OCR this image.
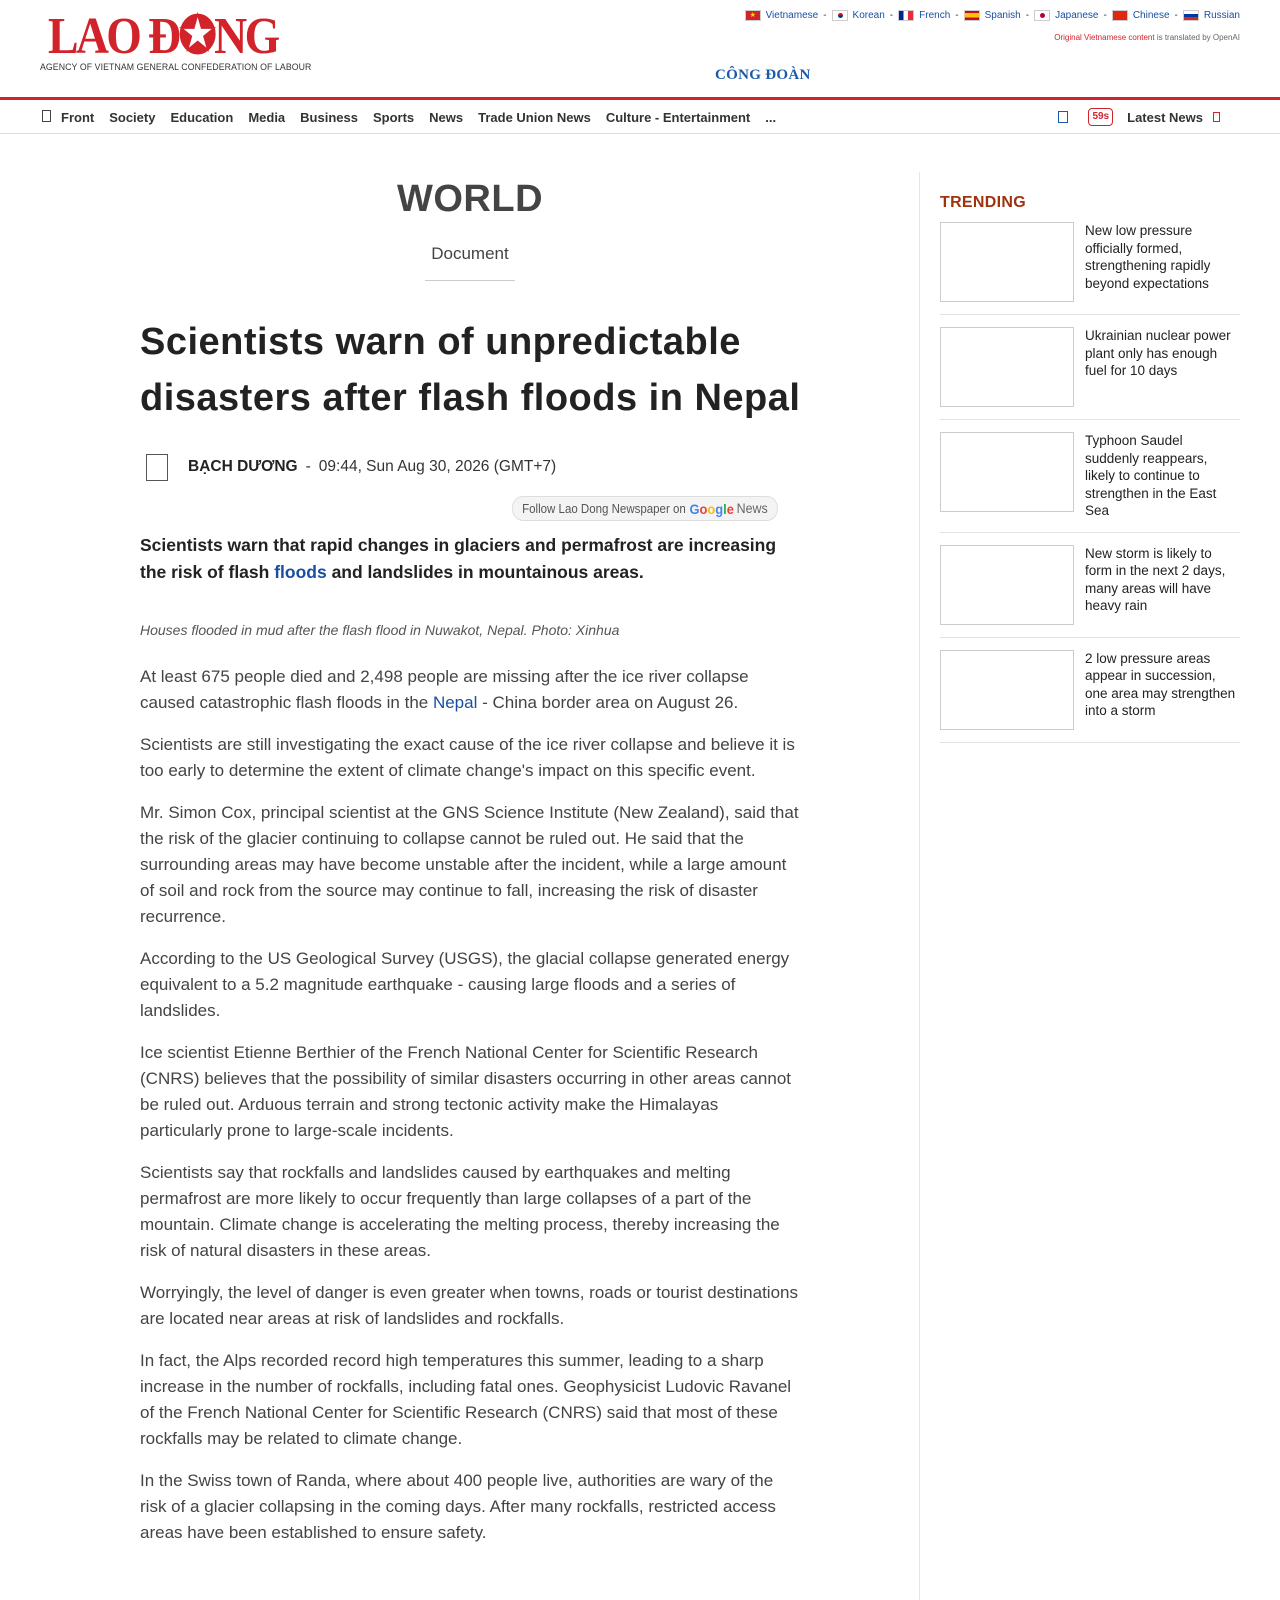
LAO Đ✪NG
AGENCY OF VIETNAM GENERAL CONFEDERATION OF LABOUR
★
Vietnamese -	Korean -	French -	Spanish -	Japanese -	Chinese -	Russian
Original Vietnamese content is translated by OpenAI
CÔNG ĐOÀN
Front Society Education Media Business Sports News Trade Union News Culture - Entertainment ...	59s	Latest News
WORLD
Document
Scientists warn of unpredictable disasters after flash floods in Nepal
BẠCH DƯƠNG - 09:44, Sun Aug 30, 2026 (GMT+7)
Follow Lao Dong Newspaper on Google News
Scientists warn that rapid changes in glaciers and permafrost are increasing the risk of flash floods and landslides in mountainous areas.
Houses flooded in mud after the flash flood in Nuwakot, Nepal. Photo: Xinhua

At least 675 people died and 2,498 people are missing after the ice river collapse caused catastrophic flash floods in the Nepal - China border area on August 26.

Scientists are still investigating the exact cause of the ice river collapse and believe it is too early to determine the extent of climate change's impact on this specific event.

Mr. Simon Cox, principal scientist at the GNS Science Institute (New Zealand), said that the risk of the glacier continuing to collapse cannot be ruled out. He said that the surrounding areas may have become unstable after the incident, while a large amount of soil and rock from the source may continue to fall, increasing the risk of disaster recurrence.

According to the US Geological Survey (USGS), the glacial collapse generated energy equivalent to a 5.2 magnitude earthquake - causing large floods and a series of landslides.

Ice scientist Etienne Berthier of the French National Center for Scientific Research (CNRS) believes that the possibility of similar disasters occurring in other areas cannot be ruled out. Arduous terrain and strong tectonic activity make the Himalayas particularly prone to large-scale incidents.

Scientists say that rockfalls and landslides caused by earthquakes and melting permafrost are more likely to occur frequently than large collapses of a part of the mountain. Climate change is accelerating the melting process, thereby increasing the risk of natural disasters in these areas.

Worryingly, the level of danger is even greater when towns, roads or tourist destinations are located near areas at risk of landslides and rockfalls.

In fact, the Alps recorded record high temperatures this summer, leading to a sharp increase in the number of rockfalls, including fatal ones. Geophysicist Ludovic Ravanel of the French National Center for Scientific Research (CNRS) said that most of these rockfalls may be related to climate change.

In the Swiss town of Randa, where about 400 people live, authorities are wary of the risk of a glacier collapsing in the coming days. After many rockfalls, restricted access areas have been established to ensure safety.

TRENDING
New low pressure officially formed, strengthening rapidly beyond expectations
Ukrainian nuclear power plant only has enough fuel for 10 days
Typhoon Saudel suddenly reappears, likely to continue to strengthen in the East Sea
New storm is likely to form in the next 2 days, many areas will have heavy rain
2 low pressure areas appear in succession, one area may strengthen into a storm
